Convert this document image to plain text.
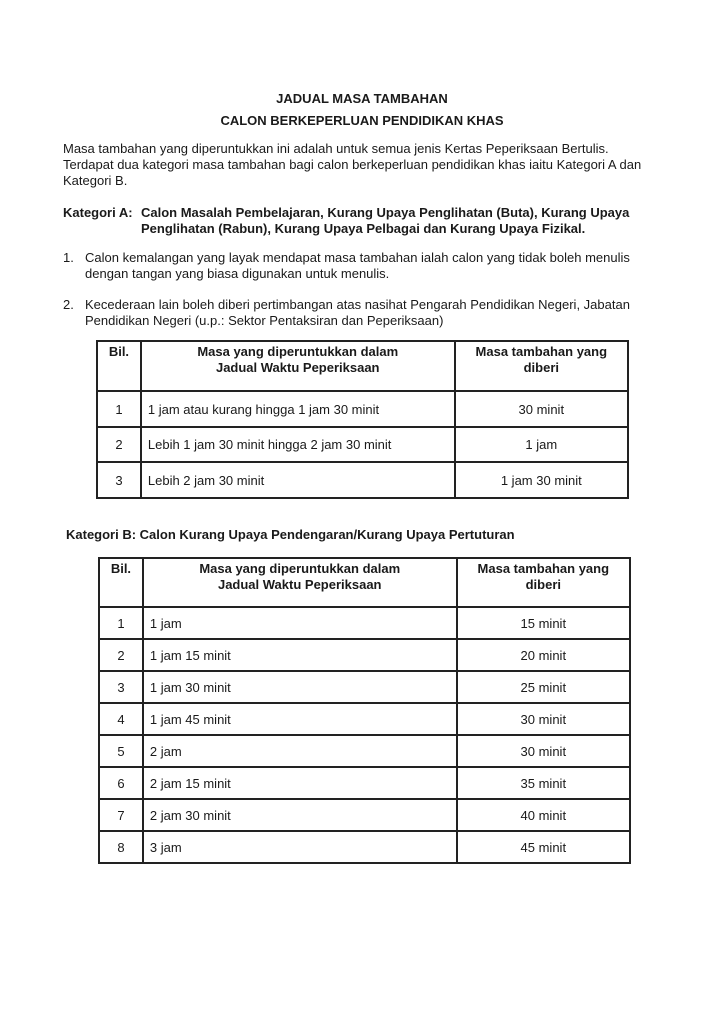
JADUAL MASA TAMBAHAN
CALON BERKEPERLUAN PENDIDIKAN KHAS
Masa tambahan yang diperuntukkan ini adalah untuk semua jenis Kertas Peperiksaan Bertulis.
Terdapat dua kategori masa tambahan bagi calon berkeperluan pendidikan khas iaitu Kategori A dan
Kategori B.
Kategori A: Calon Masalah Pembelajaran, Kurang Upaya Penglihatan (Buta), Kurang Upaya
Penglihatan (Rabun), Kurang Upaya Pelbagai dan Kurang Upaya Fizikal.
1. Calon kemalangan yang layak mendapat masa tambahan ialah calon yang tidak boleh menulis
dengan tangan yang biasa digunakan untuk menulis.
2. Kecederaan lain boleh diberi pertimbangan atas nasihat Pengarah Pendidikan Negeri, Jabatan
Pendidikan Negeri (u.p.: Sektor Pentaksiran dan Peperiksaan)
Bil.	Masa yang diperuntukkan dalam
Jadual Waktu Peperiksaan	Masa tambahan yang
diberi
1	1 jam atau kurang hingga 1 jam 30 minit	30 minit
2	Lebih 1 jam 30 minit hingga 2 jam 30 minit	1 jam
3	Lebih 2 jam 30 minit	1 jam 30 minit
Kategori B: Calon Kurang Upaya Pendengaran/Kurang Upaya Pertuturan
Bil.	Masa yang diperuntukkan dalam
Jadual Waktu Peperiksaan	Masa tambahan yang
diberi
1	1 jam	15 minit
2	1 jam 15 minit	20 minit
3	1 jam 30 minit	25 minit
4	1 jam 45 minit	30 minit
5	2 jam	30 minit
6	2 jam 15 minit	35 minit
7	2 jam 30 minit	40 minit
8	3 jam	45 minit
